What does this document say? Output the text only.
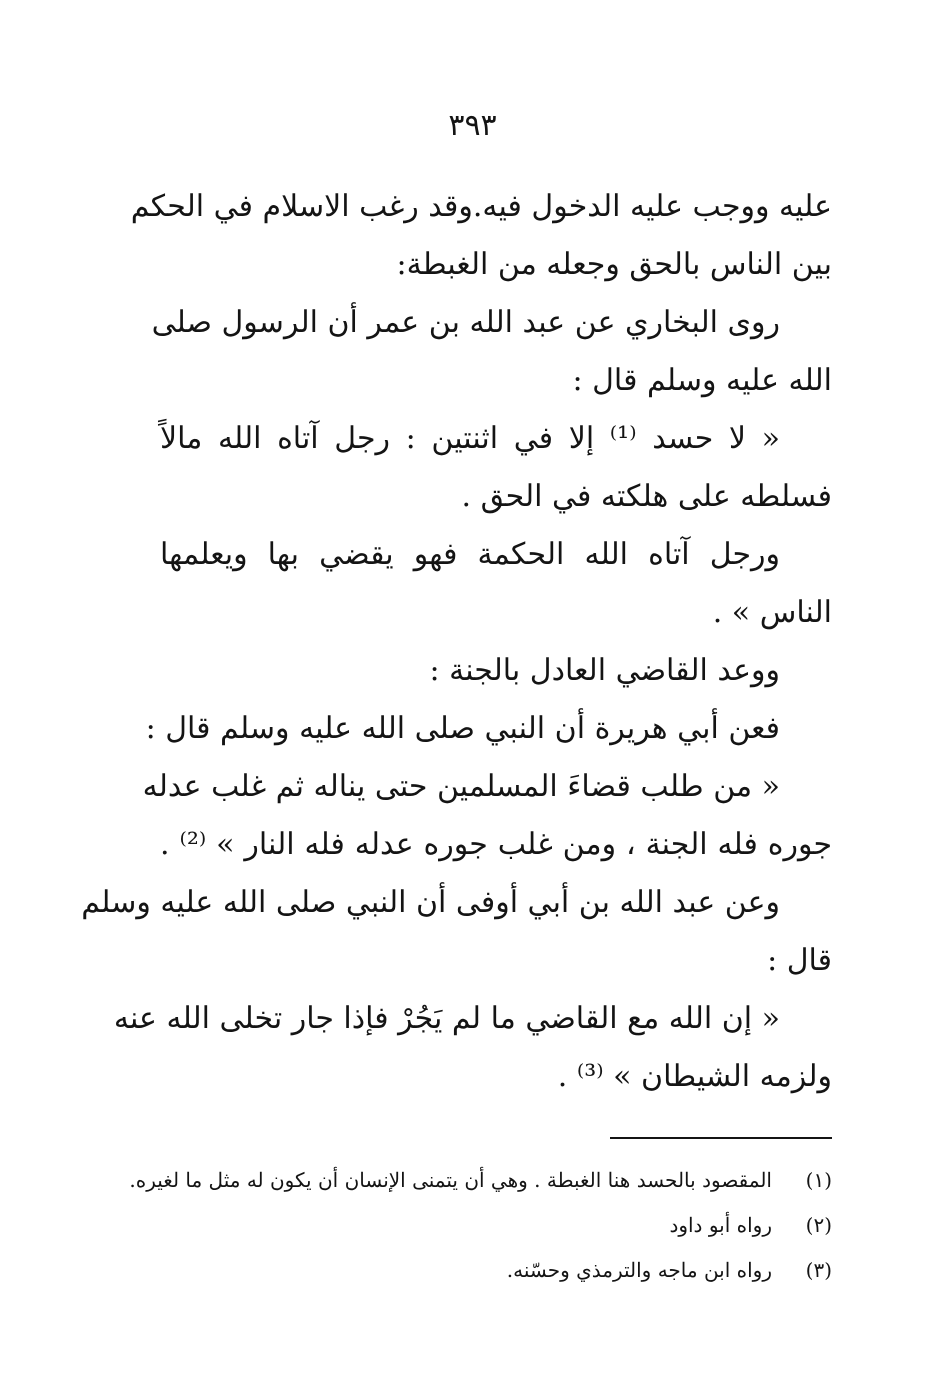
٣٩٣
عليه ووجب عليه الدخول فيه.وقد رغب الاسلام في الحكم
بين الناس بالحق وجعله من الغبطة:
روى البخاري عن عبد الله بن عمر أن الرسول صلى
الله عليه وسلم قال :
« لا حسد ⁽¹⁾ إلا في اثنتين : رجل آتاه الله مالاً
فسلطه على هلكته في الحق .
ورجل آتاه الله الحكمة فهو يقضي بها ويعلمها
الناس » .
ووعد القاضي العادل بالجنة :
فعن أبي هريرة أن النبي صلى الله عليه وسلم قال :
« من طلب قضاءَ المسلمين حتى يناله ثم غلب عدله
جوره فله الجنة ، ومن غلب جوره عدله فله النار » ⁽²⁾ .
وعن عبد الله بن أبي أوفى أن النبي صلى الله عليه وسلم
قال :
« إن الله مع القاضي ما لم يَجُرْ فإذا جار تخلى الله عنه
ولزمه الشيطان » ⁽³⁾ .
(١)
المقصود بالحسد هنا الغبطة . وهي أن يتمنى الإنسان أن يكون له مثل ما لغيره.
(٢)
رواه أبو داود
(٣)
رواه ابن ماجه والترمذي وحسّنه.
